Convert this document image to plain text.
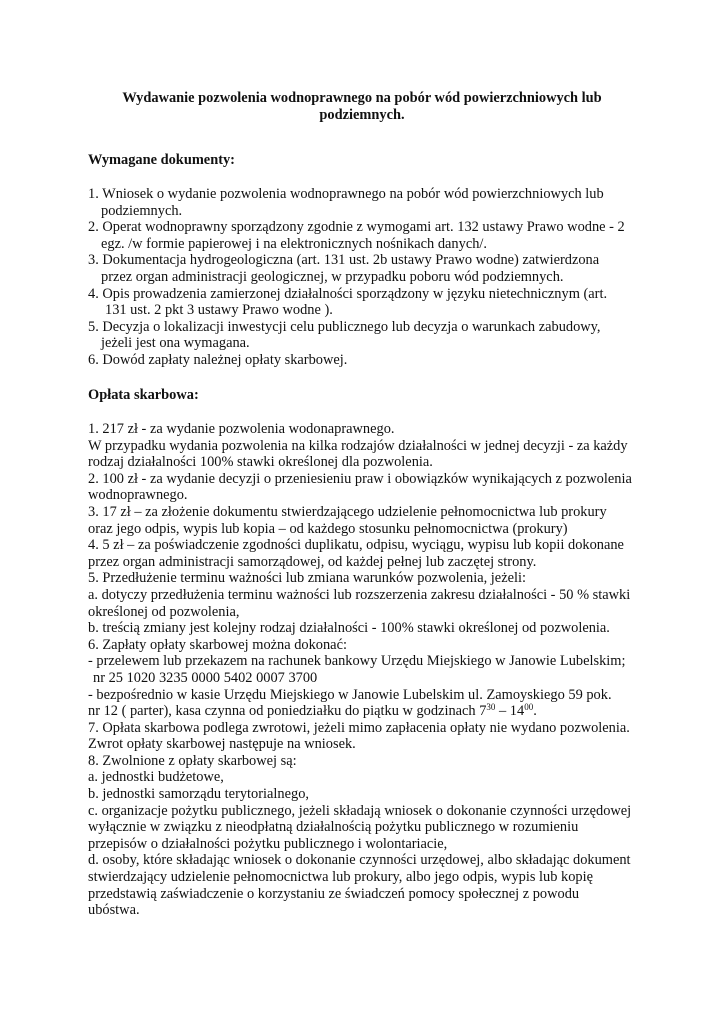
Wydawanie pozwolenia wodnoprawnego na pobór wód powierzchniowych lub
podziemnych.
Wymagane dokumenty:
1. Wniosek o wydanie pozwolenia wodnoprawnego na pobór wód powierzchniowych lub
podziemnych.
2. Operat wodnoprawny sporządzony zgodnie z wymogami art. 132 ustawy Prawo wodne - 2
egz. /w formie papierowej i na elektronicznych nośnikach danych/.
3. Dokumentacja hydrogeologiczna (art. 131 ust. 2b ustawy Prawo wodne) zatwierdzona
przez organ administracji geologicznej, w przypadku poboru wód podziemnych.
4. Opis prowadzenia zamierzonej działalności sporządzony w języku nietechnicznym (art.
131 ust. 2 pkt 3 ustawy Prawo wodne ).
5. Decyzja o lokalizacji inwestycji celu publicznego lub decyzja o warunkach zabudowy,
jeżeli jest ona wymagana.
6. Dowód zapłaty należnej opłaty skarbowej.
Opłata skarbowa:
1. 217 zł - za wydanie pozwolenia wodonaprawnego.
W przypadku wydania pozwolenia na kilka rodzajów działalności w jednej decyzji - za każdy
rodzaj działalności 100% stawki określonej dla pozwolenia.
2. 100 zł - za wydanie decyzji o przeniesieniu praw i obowiązków wynikających z pozwolenia
wodnoprawnego.
3. 17 zł – za złożenie dokumentu stwierdzającego udzielenie pełnomocnictwa lub prokury
oraz jego odpis, wypis lub kopia – od każdego stosunku pełnomocnictwa (prokury)
4. 5 zł – za poświadczenie zgodności duplikatu, odpisu, wyciągu, wypisu lub kopii dokonane
przez organ administracji samorządowej, od każdej pełnej lub zaczętej strony.
5. Przedłużenie terminu ważności lub zmiana warunków pozwolenia, jeżeli:
a. dotyczy przedłużenia terminu ważności lub rozszerzenia zakresu działalności - 50 % stawki
określonej od pozwolenia,
b. treścią zmiany jest kolejny rodzaj działalności - 100% stawki określonej od pozwolenia.
6. Zapłaty opłaty skarbowej można dokonać:
- przelewem lub przekazem na rachunek bankowy Urzędu Miejskiego w Janowie Lubelskim;
nr 25 1020 3235 0000 5402 0007 3700
- bezpośrednio w kasie Urzędu Miejskiego w Janowie Lubelskim ul. Zamoyskiego 59 pok.
nr 12 ( parter), kasa czynna od poniedziałku do piątku w godzinach $7^{30} - 14^{00}$.
7. Opłata skarbowa podlega zwrotowi, jeżeli mimo zapłacenia opłaty nie wydano pozwolenia.
Zwrot opłaty skarbowej następuje na wniosek.
8. Zwolnione z opłaty skarbowej są:
a. jednostki budżetowe,
b. jednostki samorządu terytorialnego,
c. organizacje pożytku publicznego, jeżeli składają wniosek o dokonanie czynności urzędowej
wyłącznie w związku z nieodpłatną działalnością pożytku publicznego w rozumieniu
przepisów o działalności pożytku publicznego i wolontariacie,
d. osoby, które składając wniosek o dokonanie czynności urzędowej, albo składając dokument
stwierdzający udzielenie pełnomocnictwa lub prokury, albo jego odpis, wypis lub kopię
przedstawią zaświadczenie o korzystaniu ze świadczeń pomocy społecznej z powodu
ubóstwa.
